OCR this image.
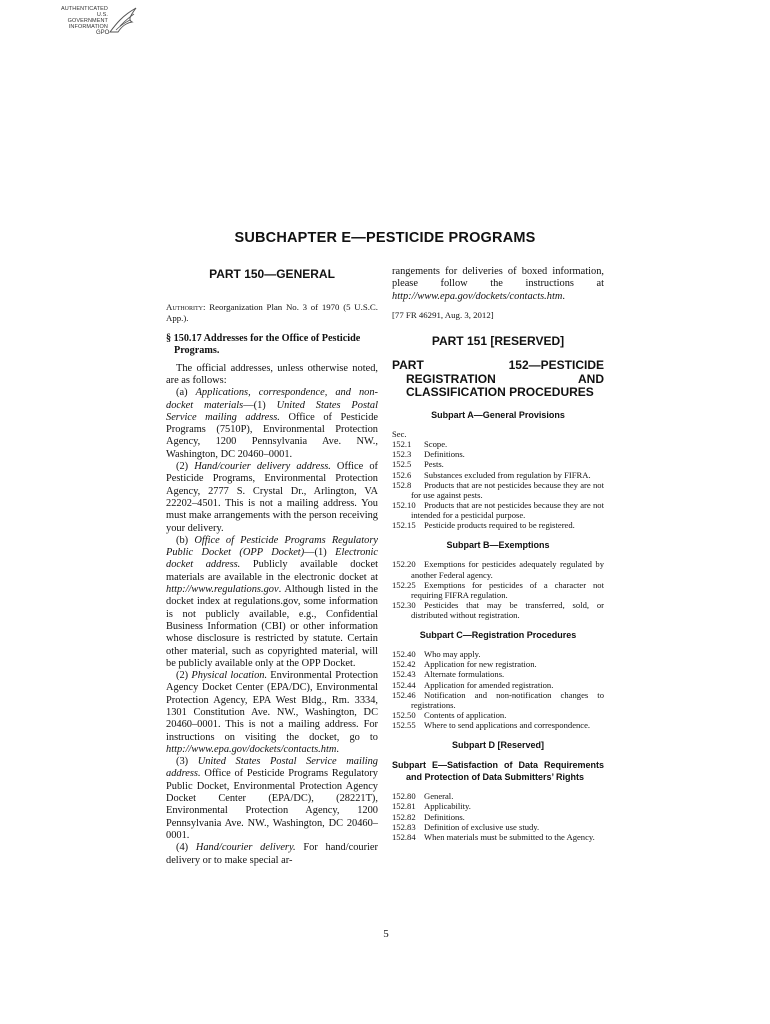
AUTHENTICATED
U.S. GOVERNMENT
INFORMATION
GPO
SUBCHAPTER E—PESTICIDE PROGRAMS
PART 150—GENERAL
Authority: Reorganization Plan No. 3 of 1970 (5 U.S.C. App.).
§ 150.17 Addresses for the Office of Pesticide Programs.

The official addresses, unless otherwise noted, are as follows:

(a) Applications, correspondence, and non-docket materials—(1) United States Postal Service mailing address. Office of Pesticide Programs (7510P), Environmental Protection Agency, 1200 Pennsylvania Ave. NW., Washington, DC 20460–0001.

(2) Hand/courier delivery address. Office of Pesticide Programs, Environmental Protection Agency, 2777 S. Crystal Dr., Arlington, VA 22202–4501. This is not a mailing address. You must make arrangements with the person receiving your delivery.

(b) Office of Pesticide Programs Regulatory Public Docket (OPP Docket)—(1) Electronic docket address. Publicly available docket materials are available in the electronic docket at http://www.regulations.gov. Although listed in the docket index at regulations.gov, some information is not publicly available, e.g., Confidential Business Information (CBI) or other information whose disclosure is restricted by statute. Certain other material, such as copyrighted material, will be publicly available only at the OPP Docket.

(2) Physical location. Environmental Protection Agency Docket Center (EPA/DC), Environmental Protection Agency, EPA West Bldg., Rm. 3334, 1301 Constitution Ave. NW., Washington, DC 20460–0001. This is not a mailing address. For instructions on visiting the docket, go to http://www.epa.gov/dockets/contacts.htm.

(3) United States Postal Service mailing address. Office of Pesticide Programs Regulatory Public Docket, Environmental Protection Agency Docket Center (EPA/DC), (28221T), Environmental Protection Agency, 1200 Pennsylvania Ave. NW., Washington, DC 20460–0001.

(4) Hand/courier delivery. For hand/courier delivery or to make special ar-

rangements for deliveries of boxed information, please follow the instructions at http://www.epa.gov/dockets/contacts.htm.

[77 FR 46291, Aug. 3, 2012]
PART 151 [RESERVED]
PART 152—PESTICIDE REGISTRATION AND CLASSIFICATION PROCEDURES
Subpart A—General Provisions
Sec.
152.1 Scope.
152.3 Definitions.
152.5 Pests.
152.6 Substances excluded from regulation by FIFRA.
152.8 Products that are not pesticides because they are not for use against pests.
152.10 Products that are not pesticides because they are not intended for a pesticidal purpose.
152.15 Pesticide products required to be registered.
Subpart B—Exemptions
152.20 Exemptions for pesticides adequately regulated by another Federal agency.
152.25 Exemptions for pesticides of a character not requiring FIFRA regulation.
152.30 Pesticides that may be transferred, sold, or distributed without registration.
Subpart C—Registration Procedures
152.40 Who may apply.
152.42 Application for new registration.
152.43 Alternate formulations.
152.44 Application for amended registration.
152.46 Notification and non-notification changes to registrations.
152.50 Contents of application.
152.55 Where to send applications and correspondence.
Subpart D [Reserved]
Subpart E—Satisfaction of Data Requirements and Protection of Data Submitters’ Rights
152.80 General.
152.81 Applicability.
152.82 Definitions.
152.83 Definition of exclusive use study.
152.84 When materials must be submitted to the Agency.
5
